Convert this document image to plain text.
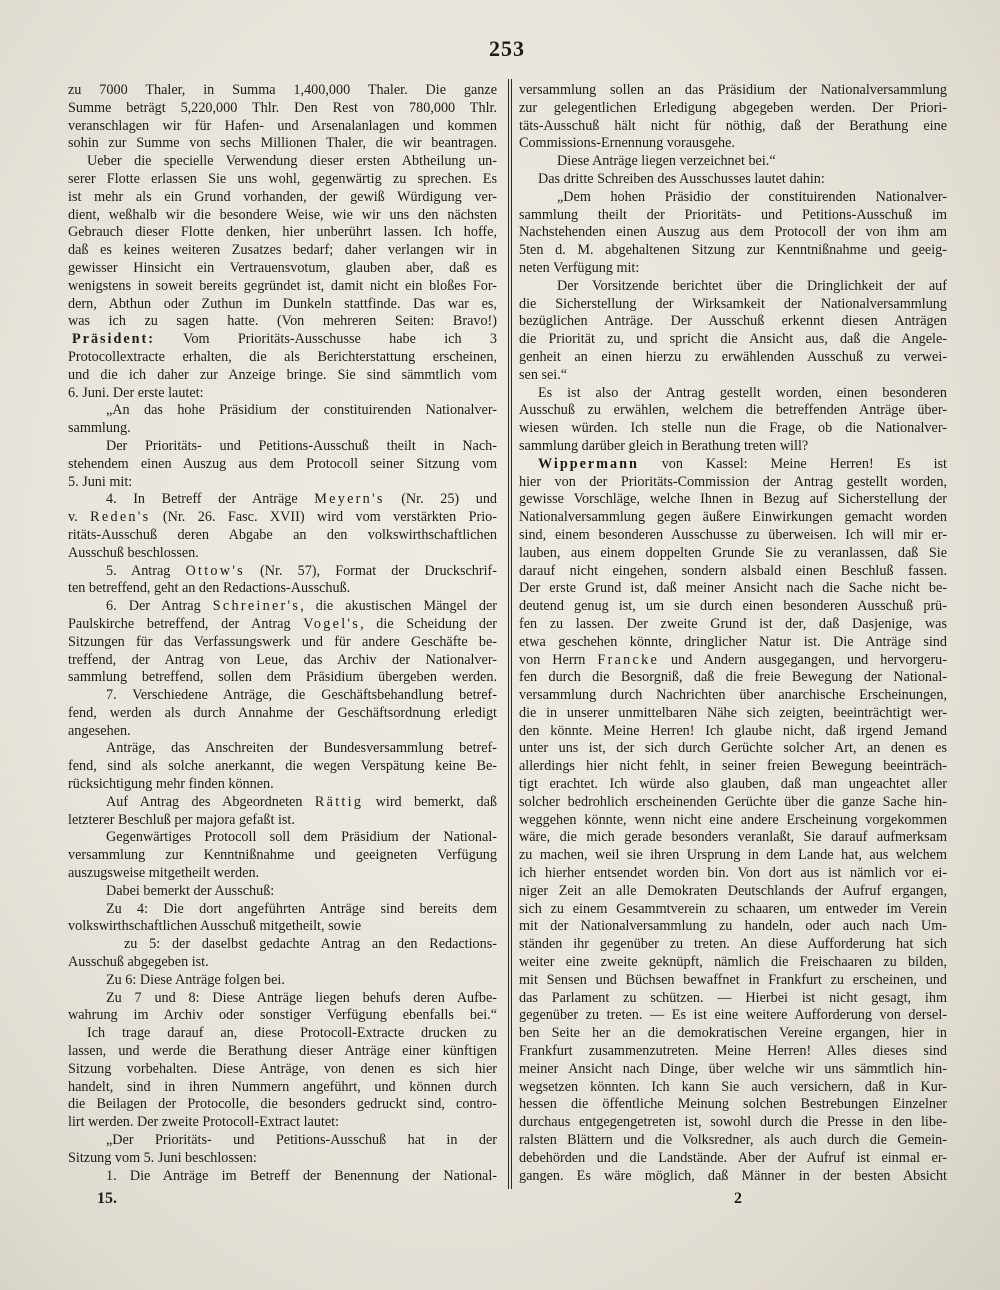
253
zu 7000 Thaler, in Summa 1,400,000 Thaler. Die ganze
Summe beträgt 5,220,000 Thlr. Den Rest von 780,000 Thlr.
veranschlagen wir für Hafen- und Arsenalanlagen und kommen
sohin zur Summe von sechs Millionen Thaler, die wir beantragen.
Ueber die specielle Verwendung dieser ersten Abtheilung un-
serer Flotte erlassen Sie uns wohl, gegenwärtig zu sprechen. Es
ist mehr als ein Grund vorhanden, der gewiß Würdigung ver-
dient, weßhalb wir die besondere Weise, wie wir uns den nächsten
Gebrauch dieser Flotte denken, hier unberührt lassen. Ich hoffe,
daß es keines weiteren Zusatzes bedarf; daher verlangen wir in
gewisser Hinsicht ein Vertrauensvotum, glauben aber, daß es
wenigstens in soweit bereits gegründet ist, damit nicht ein bloßes For-
dern, Abthun oder Zuthun im Dunkeln stattfinde. Das war es,
was ich zu sagen hatte. (Von mehreren Seiten: Bravo!)
Präsident: Vom Prioritäts-Ausschusse habe ich 3
Protocollextracte erhalten, die als Berichterstattung erscheinen,
und die ich daher zur Anzeige bringe. Sie sind sämmtlich vom
6. Juni. Der erste lautet:
„An das hohe Präsidium der constituirenden Nationalver-
sammlung.
Der Prioritäts- und Petitions-Ausschuß theilt in Nach-
stehendem einen Auszug aus dem Protocoll seiner Sitzung vom
5. Juni mit:
4. In Betreff der Anträge Meyern's (Nr. 25) und
v. Reden's (Nr. 26. Fasc. XVII) wird vom verstärkten Prio-
ritäts-Ausschuß deren Abgabe an den volkswirthschaftlichen
Ausschuß beschlossen.
5. Antrag Ottow's (Nr. 57), Format der Druckschrif-
ten betreffend, geht an den Redactions-Ausschuß.
6. Der Antrag Schreiner's, die akustischen Mängel der
Paulskirche betreffend, der Antrag Vogel's, die Scheidung der
Sitzungen für das Verfassungswerk und für andere Geschäfte be-
treffend, der Antrag von Leue, das Archiv der Nationalver-
sammlung betreffend, sollen dem Präsidium übergeben werden.
7. Verschiedene Anträge, die Geschäftsbehandlung betref-
fend, werden als durch Annahme der Geschäftsordnung erledigt
angesehen.
Anträge, das Anschreiten der Bundesversammlung betref-
fend, sind als solche anerkannt, die wegen Verspätung keine Be-
rücksichtigung mehr finden können.
Auf Antrag des Abgeordneten Rättig wird bemerkt, daß
letzterer Beschluß per majora gefaßt ist.
Gegenwärtiges Protocoll soll dem Präsidium der National-
versammlung zur Kenntnißnahme und geeigneten Verfügung
auszugsweise mitgetheilt werden.
Dabei bemerkt der Ausschuß:
Zu 4: Die dort angeführten Anträge sind bereits dem
volkswirthschaftlichen Ausschuß mitgetheilt, sowie
zu 5: der daselbst gedachte Antrag an den Redactions-
Ausschuß abgegeben ist.
Zu 6: Diese Anträge folgen bei.
Zu 7 und 8: Diese Anträge liegen behufs deren Aufbe-
wahrung im Archiv oder sonstiger Verfügung ebenfalls bei.“
Ich trage darauf an, diese Protocoll-Extracte drucken zu
lassen, und werde die Berathung dieser Anträge einer künftigen
Sitzung vorbehalten. Diese Anträge, von denen es sich hier
handelt, sind in ihren Nummern angeführt, und können durch
die Beilagen der Protocolle, die besonders gedruckt sind, contro-
lirt werden. Der zweite Protocoll-Extract lautet:
„Der Prioritäts- und Petitions-Ausschuß hat in der
Sitzung vom 5. Juni beschlossen:
1. Die Anträge im Betreff der Benennung der National-
versammlung sollen an das Präsidium der Nationalversammlung
zur gelegentlichen Erledigung abgegeben werden. Der Priori-
täts-Ausschuß hält nicht für nöthig, daß der Berathung eine
Commissions-Ernennung vorausgehe.
Diese Anträge liegen verzeichnet bei.“
Das dritte Schreiben des Ausschusses lautet dahin:
„Dem hohen Präsidio der constituirenden Nationalver-
sammlung theilt der Prioritäts- und Petitions-Ausschuß im
Nachstehenden einen Auszug aus dem Protocoll der von ihm am
5ten d. M. abgehaltenen Sitzung zur Kenntnißnahme und geeig-
neten Verfügung mit:
Der Vorsitzende berichtet über die Dringlichkeit der auf
die Sicherstellung der Wirksamkeit der Nationalversammlung
bezüglichen Anträge. Der Ausschuß erkennt diesen Anträgen
die Priorität zu, und spricht die Ansicht aus, daß die Angele-
genheit an einen hierzu zu erwählenden Ausschuß zu verwei-
sen sei.“
Es ist also der Antrag gestellt worden, einen besonderen
Ausschuß zu erwählen, welchem die betreffenden Anträge über-
wiesen würden. Ich stelle nun die Frage, ob die Nationalver-
sammlung darüber gleich in Berathung treten will?
Wippermann von Kassel: Meine Herren! Es ist
hier von der Prioritäts-Commission der Antrag gestellt worden,
gewisse Vorschläge, welche Ihnen in Bezug auf Sicherstellung der
Nationalversammlung gegen äußere Einwirkungen gemacht worden
sind, einem besonderen Ausschusse zu überweisen. Ich will mir er-
lauben, aus einem doppelten Grunde Sie zu veranlassen, daß Sie
darauf nicht eingehen, sondern alsbald einen Beschluß fassen.
Der erste Grund ist, daß meiner Ansicht nach die Sache nicht be-
deutend genug ist, um sie durch einen besonderen Ausschuß prü-
fen zu lassen. Der zweite Grund ist der, daß Dasjenige, was
etwa geschehen könnte, dringlicher Natur ist. Die Anträge sind
von Herrn Francke und Andern ausgegangen, und hervorgeru-
fen durch die Besorgniß, daß die freie Bewegung der National-
versammlung durch Nachrichten über anarchische Erscheinungen,
die in unserer unmittelbaren Nähe sich zeigten, beeinträchtigt wer-
den könnte. Meine Herren! Ich glaube nicht, daß irgend Jemand
unter uns ist, der sich durch Gerüchte solcher Art, an denen es
allerdings hier nicht fehlt, in seiner freien Bewegung beeinträch-
tigt erachtet. Ich würde also glauben, daß man ungeachtet aller
solcher bedrohlich erscheinenden Gerüchte über die ganze Sache hin-
weggehen könnte, wenn nicht eine andere Erscheinung vorgekommen
wäre, die mich gerade besonders veranlaßt, Sie darauf aufmerksam
zu machen, weil sie ihren Ursprung in dem Lande hat, aus welchem
ich hierher entsendet worden bin. Von dort aus ist nämlich vor ei-
niger Zeit an alle Demokraten Deutschlands der Aufruf ergangen,
sich zu einem Gesammtverein zu schaaren, um entweder im Verein
mit der Nationalversammlung zu handeln, oder auch nach Um-
ständen ihr gegenüber zu treten. An diese Aufforderung hat sich
weiter eine zweite geknüpft, nämlich die Freischaaren zu bilden,
mit Sensen und Büchsen bewaffnet in Frankfurt zu erscheinen, und
das Parlament zu schützen. — Hierbei ist nicht gesagt, ihm
gegenüber zu treten. — Es ist eine weitere Aufforderung von dersel-
ben Seite her an die demokratischen Vereine ergangen, hier in
Frankfurt zusammenzutreten. Meine Herren! Alles dieses sind
meiner Ansicht nach Dinge, über welche wir uns sämmtlich hin-
wegsetzen könnten. Ich kann Sie auch versichern, daß in Kur-
hessen die öffentliche Meinung solchen Bestrebungen Einzelner
durchaus entgegengetreten ist, sowohl durch die Presse in den libe-
ralsten Blättern und die Volksredner, als auch durch die Gemein-
debehörden und die Landstände. Aber der Aufruf ist einmal er-
gangen. Es wäre möglich, daß Männer in der besten Absicht
15.	2
